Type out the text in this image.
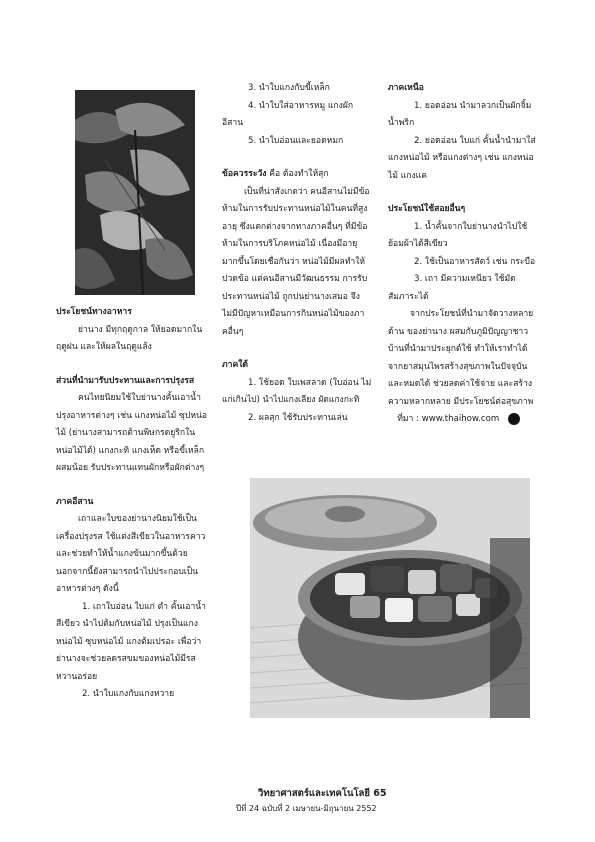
ประโยชน์ทางอาหาร

ย่านาง มีทุกฤดูกาล ให้ยอดมากในฤดูฝน และให้ผลในฤดูแล้ง

ส่วนที่นำมารับประทานและการปรุงรส

คนไทยนิยมใช้ใบย่านางคั้นเอาน้ำปรุงอาหารต่างๆ เช่น แกงหน่อไม้ ซุปหน่อไม้ (ย่านางสามารถต้านพิษกรดยูริกในหน่อไม้ได้) แกงกะทิ แกงเห็ด หรือขี้เหล็กผสมน้อย รับประทานแทนผักหรือผักต่างๆ

ภาคอีสาน

เถาและใบของย่านางนิยมใช้เป็นเครื่องปรุงรส ใช้แต่งสีเขียวในอาหารคาว และช่วยทำให้น้ำแกงข้นมากขึ้นด้วย นอกจากนี้ยังสามารถนำไปประกอบเป็นอาหารต่างๆ ดังนี้

1. เถาใบอ่อน ใบแก่ ตำ คั้นเอาน้ำสีเขียว นำไปต้มกับหน่อไม้ ปรุงเป็นแกงหน่อไม้ ซุบหน่อไม้ แกงต้มเปรอะ เพื่อว่าย่านางจะช่วยลดรสขมของหน่อไม้มีรสหวานอร่อย

2. นำใบแกงกับแกงหวาย

3. นำใบแกงกับขี้เหล็ก

4. นำใบใส่อาหารหมู แกงผักอีสาน

5. นำใบอ่อนและยอดหมก

ข้อควรระวัง คือ ต้องทำให้สุก

เป็นที่น่าสังเกตว่า คนอีสานไม่มีข้อห้ามในการรับประทานหน่อไม้ในคนที่สูงอายุ ซึ่งแตกต่างจากทางภาคอื่นๆ ที่มีข้อห้ามในการบริโภคหน่อไม้ เนื่องมีอายุมากขึ้นโดยเชื่อกันว่า หน่อไม้มีผลทำให้ปวดข้อ แต่คนอีสานมีวัฒนธรรม การรับประทานหน่อไม้ ถูกปนย่านางเสมอ จึงไม่มีปัญหาเหมือนการกินหน่อไม้ของภาคอื่นๆ

ภาคใต้

1. ใช้ยอด ใบเพสลาด (ใบอ่อน ไม่แก่เกินไป) นำไปแกงเลียง ผัดแกงกะทิ

2. ผลสุก ใช้รับประทานเล่น

ภาคเหนือ

1. ยอดอ่อน นำมาลวกเป็นผักจิ้มน้ำพริก

2. ยอดอ่อน ใบแก่ คั้นน้ำนำมาใส่แกงหน่อไม้ หรือแกงต่างๆ เช่น แกงหน่อไม้ แกงแค

ประโยชน์ใช้สอยอื่นๆ

1. น้ำคั้นจากใบย่านางนำไปใช้ย้อมผ้าได้สีเขียว

2. ใช้เป็นอาหารสัตว์ เช่น กระบือ

3. เถา มีความเหนียว ใช้มัดสัมภาระได้

จากประโยชน์ที่นำมาจัดวางหลายด้าน ของย่านาง ผสมกับภูมิปัญญาชาวบ้านที่นำมาประยุกต์ใช้ ทำให้เราทำได้จากยาสมุนไพรสร้างสุขภาพในปัจจุบันและหมดได้ ช่วยลดค่าใช้จ่าย และสร้างความหลากหลาย มีประโยชน์ต่อสุขภาพ

ที่มา : www.thaihow.com

วิทยาศาสตร์และเทคโนโลยี 65
ปีที่ 24 ฉบับที่ 2 เมษายน-มิถุนายน 2552
